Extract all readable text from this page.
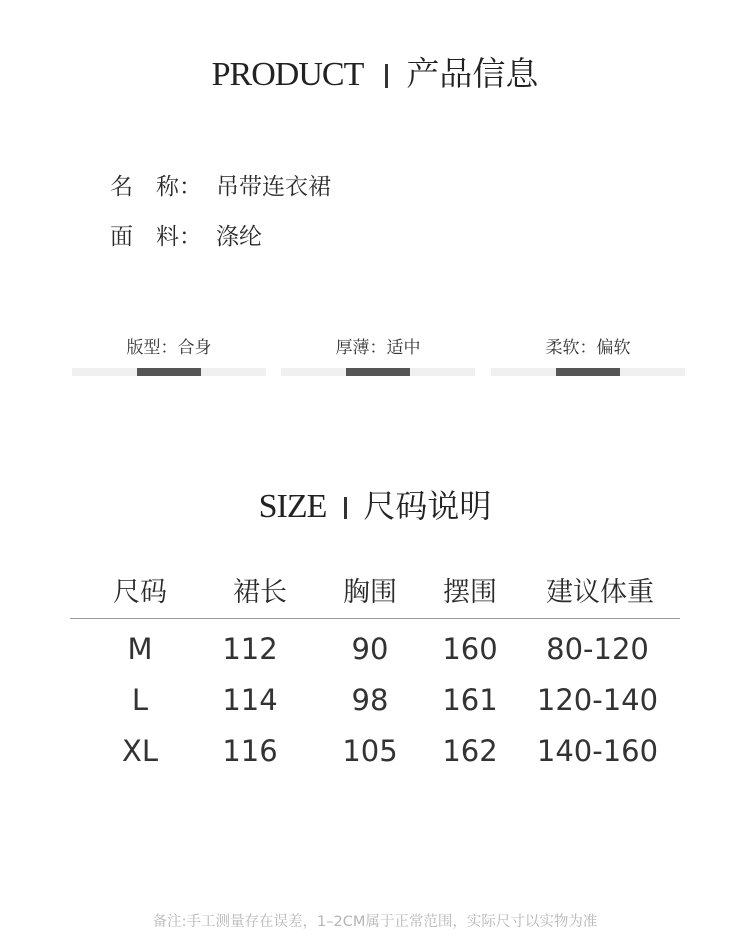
PRODUCT 产品信息
名　称： 吊带连衣裙
面　料： 涤纶
版型：合身	厚薄：适中	柔软：偏软
SIZE 尺码说明
尺码	裙长	胸围	摆围	建议体重
M	112	90	160	80-120
L	114	98	161	120-140
XL	116	105	162	140-160
备注:手工测量存在误差，1–2CM属于正常范围，实际尺寸以实物为准
